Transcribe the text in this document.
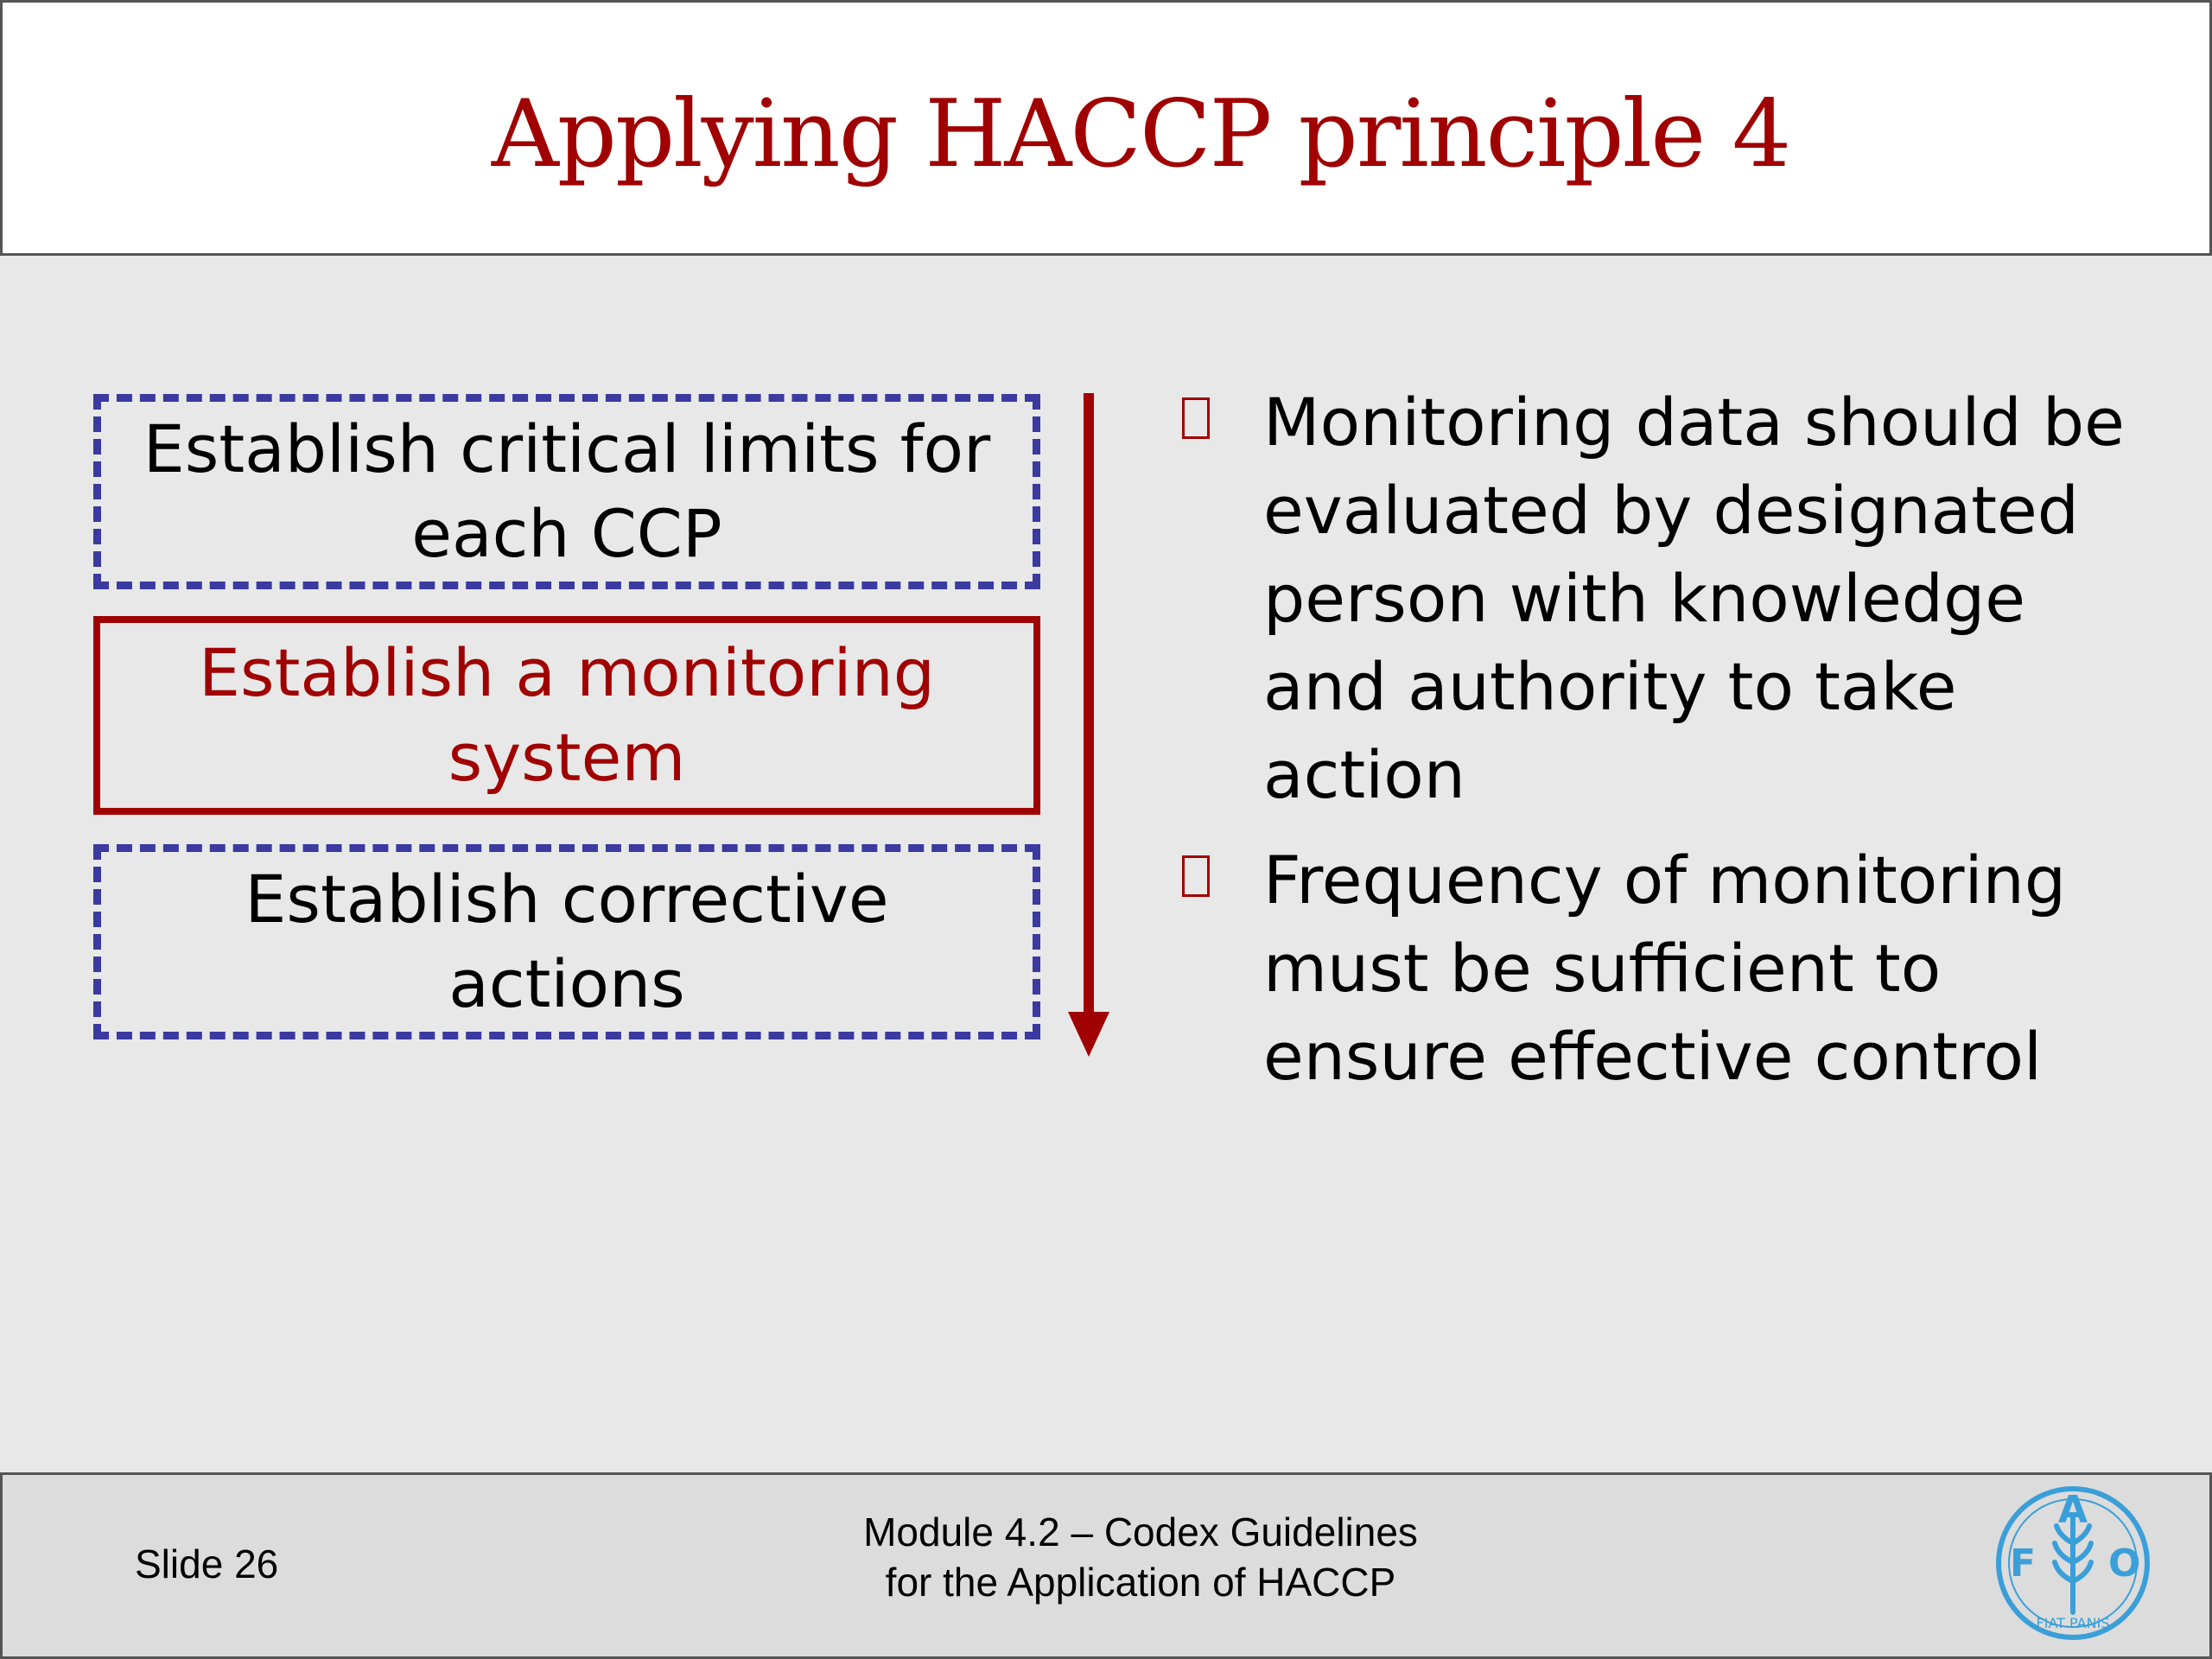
Applying HACCP principle 4
Establish critical limits for
each CCP
Establish a monitoring
system
Establish corrective
actions
Monitoring data should be evaluated by designated person with knowledge and authority to take action
Frequency of monitoring must be sufficient to ensure effective control
Slide 26
Module 4.2 – Codex Guidelines
for the Application of HACCP	F
A
O
FIAT PANIS
